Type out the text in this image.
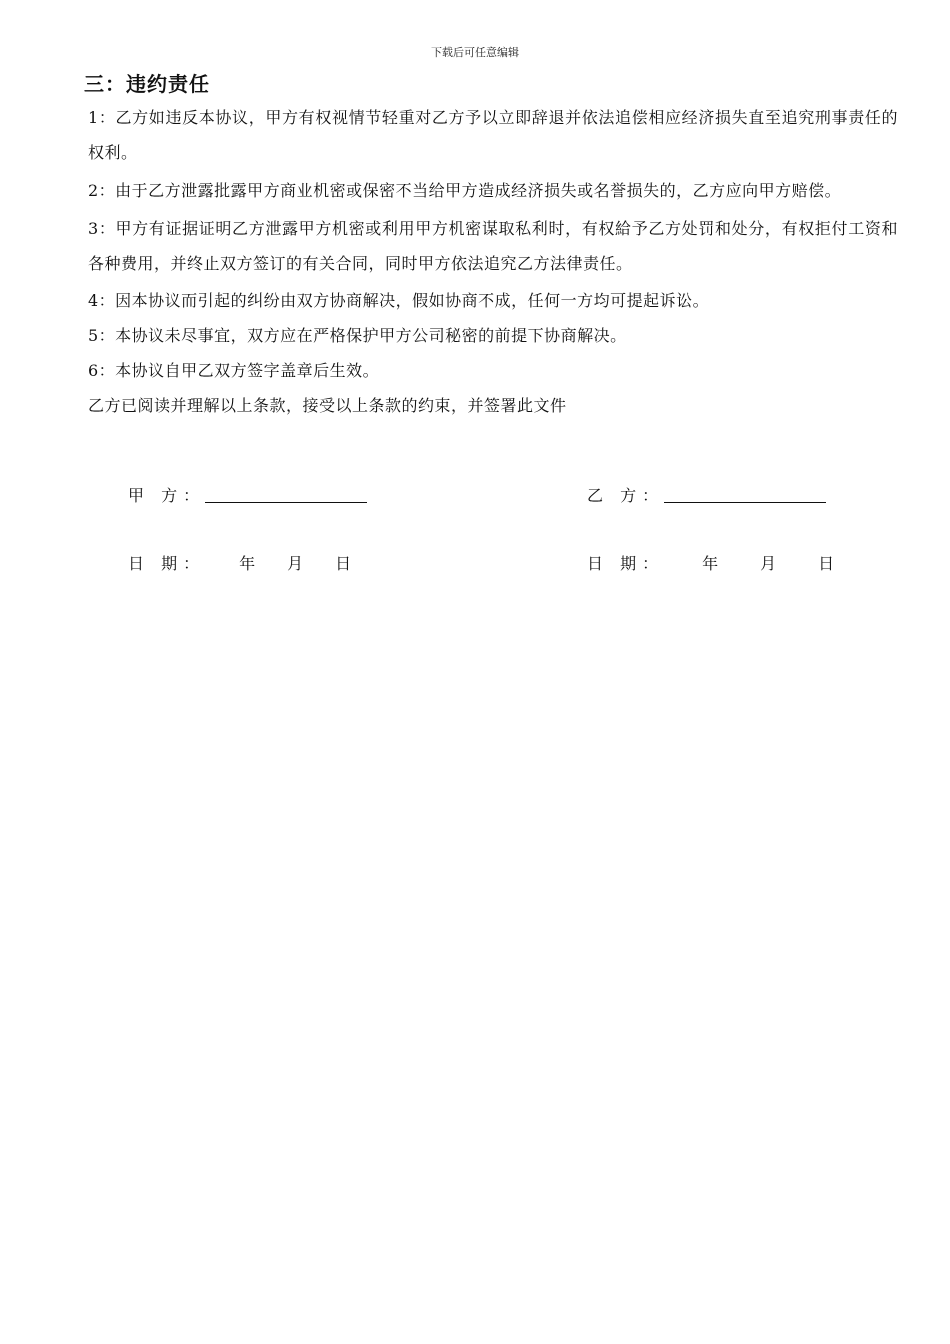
下载后可任意编辑
三：违约责任

1：乙方如违反本协议，甲方有权视情节轻重对乙方予以立即辞退并依法追偿相应经济损失直至追究刑事责任的权利。

2：由于乙方泄露批露甲方商业机密或保密不当给甲方造成经济损失或名誉损失的，乙方应向甲方赔偿。

3：甲方有证据证明乙方泄露甲方机密或利用甲方机密谋取私利时，有权給予乙方处罚和处分，有权拒付工资和各种费用，并终止双方签订的有关合同，同时甲方依法追究乙方法律责任。

4：因本协议而引起的纠纷由双方协商解决，假如协商不成，任何一方均可提起诉讼。

5：本协议未尽事宜，双方应在严格保护甲方公司秘密的前提下协商解决。

6：本协议自甲乙双方签字盖章后生效。

乙方已阅读并理解以上条款，接受以上条款的约束，并签署此文件

甲 方：
日 期： 年 月 日
乙 方：
日 期： 年	月	日
